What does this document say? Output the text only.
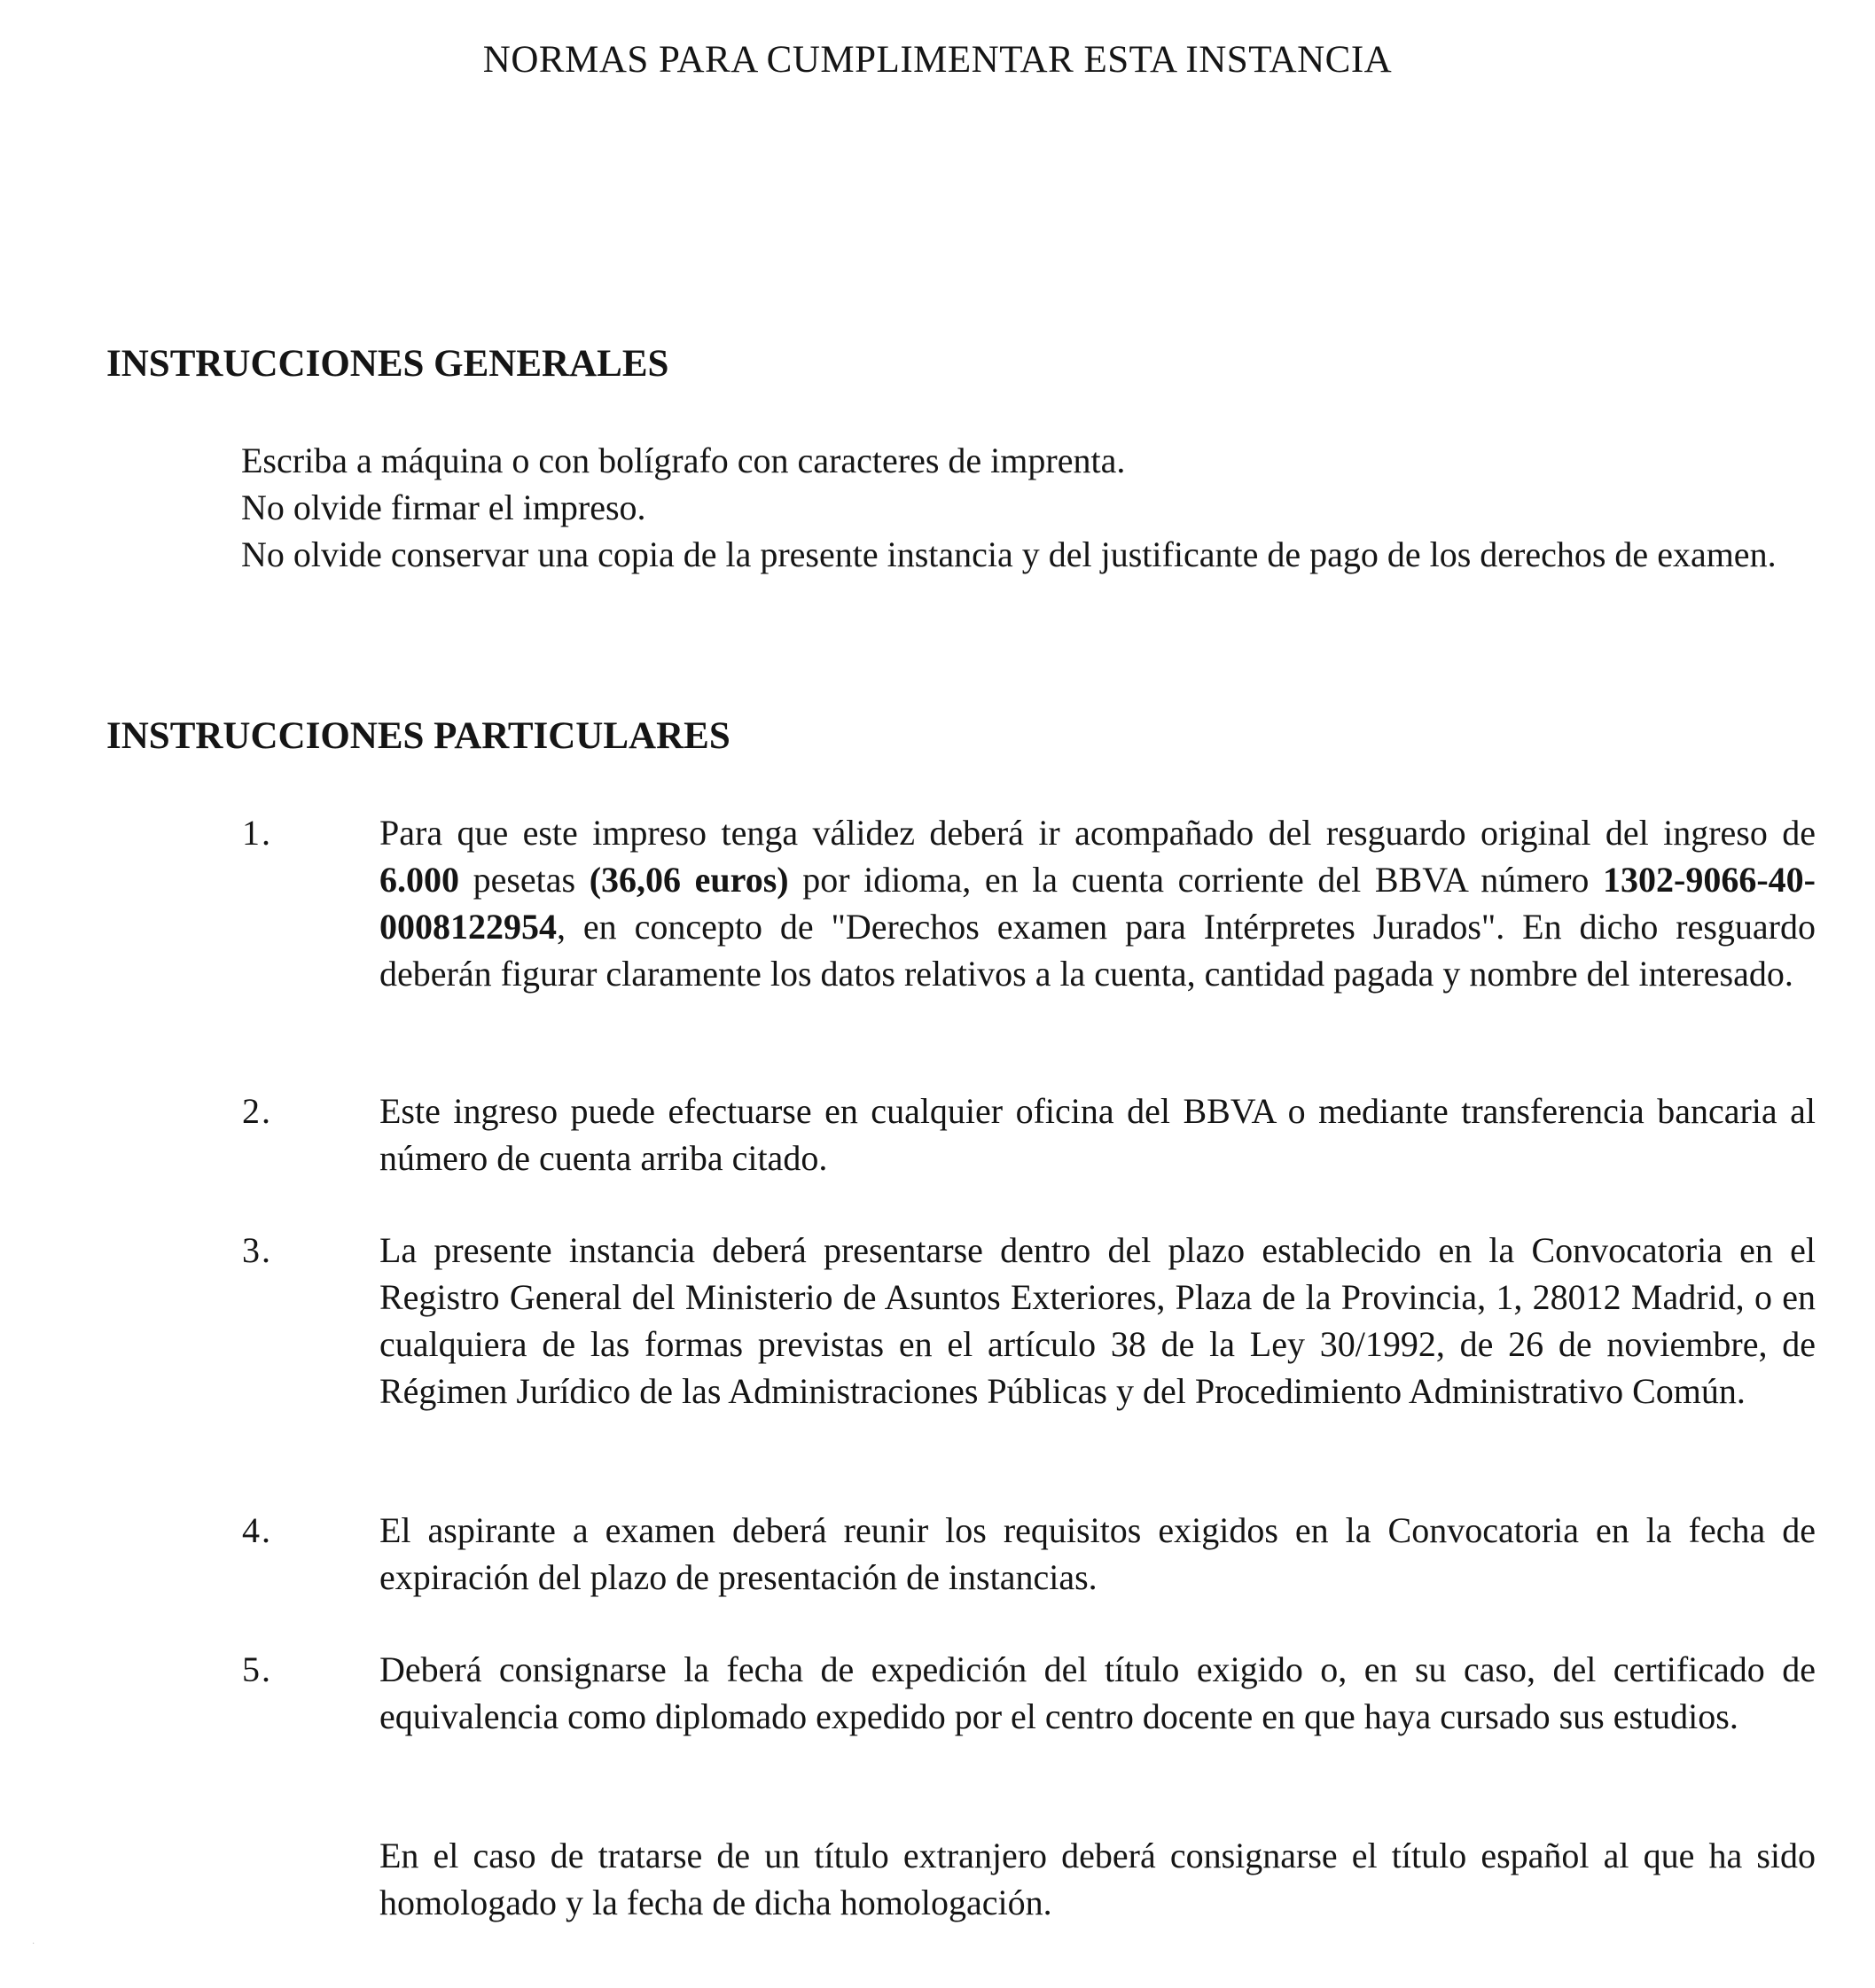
NORMAS PARA CUMPLIMENTAR ESTA INSTANCIA
INSTRUCCIONES GENERALES

Escriba a máquina o con bolígrafo con caracteres de imprenta.

No olvide firmar el impreso.

No olvide conservar una copia de la presente instancia y del justificante de pago de los derechos de examen.

INSTRUCCIONES PARTICULARES
1.	Para que este impreso tenga válidez deberá ir acompañado del resguardo original del ingreso de 6.000 pesetas (36,06 euros) por idioma, en la cuenta corriente del BBVA número 1302-9066-40-0008122954, en concepto de "Derechos examen para Intérpretes Jurados". En dicho resguardo deberán figurar claramente los datos relativos a la cuenta, cantidad pagada y nombre del interesado.

2.	Este ingreso puede efectuarse en cualquier oficina del BBVA o mediante transferencia bancaria al número de cuenta arriba citado.

3.	La presente instancia deberá presentarse dentro del plazo establecido en la Convocatoria en el Registro General del Ministerio de Asuntos Exteriores, Plaza de la Provincia, 1, 28012 Madrid, o en cualquiera de las formas previstas en el artículo 38 de la Ley 30/1992, de 26 de noviembre, de Régimen Jurídico de las Administraciones Públicas y del Procedimiento Administrativo Común.

4.	El aspirante a examen deberá reunir los requisitos exigidos en la Convocatoria en la fecha de expiración del plazo de presentación de instancias.

5.	Deberá consignarse la fecha de expedición del título exigido o, en su caso, del certificado de equivalencia como diplomado expedido por el centro docente en que haya cursado sus estudios.

En el caso de tratarse de un título extranjero deberá consignarse el título español al que ha sido homologado y la fecha de dicha homologación.

·
